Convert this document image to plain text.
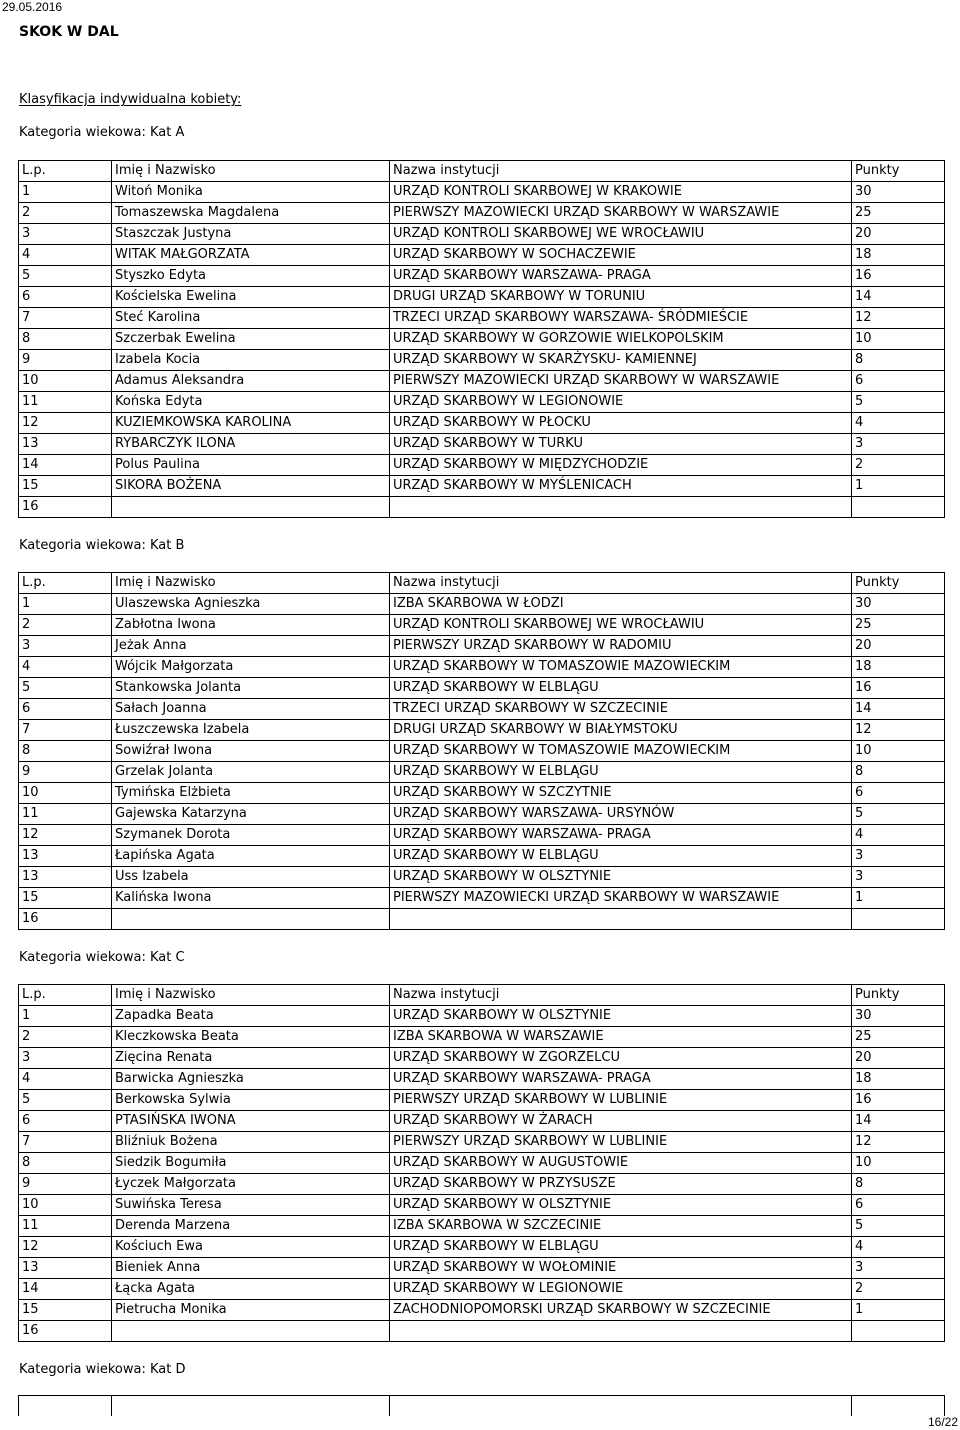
29.05.2016
SKOK W DAL
Klasyfikacja indywidualna kobiety:
Kategoria wiekowa: Kat A
L.p.	Imię i Nazwisko	Nazwa instytucji	Punkty
1	Witoń Monika	URZĄD KONTROLI SKARBOWEJ W KRAKOWIE	30
2	Tomaszewska Magdalena	PIERWSZY MAZOWIECKI URZĄD SKARBOWY W WARSZAWIE	25
3	Staszczak Justyna	URZĄD KONTROLI SKARBOWEJ WE WROCŁAWIU	20
4	WITAK MAŁGORZATA	URZĄD SKARBOWY W SOCHACZEWIE	18
5	Styszko Edyta	URZĄD SKARBOWY WARSZAWA- PRAGA	16
6	Kościelska Ewelina	DRUGI URZĄD SKARBOWY W TORUNIU	14
7	Steć Karolina	TRZECI URZĄD SKARBOWY WARSZAWA- ŚRÓDMIEŚCIE	12
8	Szczerbak Ewelina	URZĄD SKARBOWY W GORZOWIE WIELKOPOLSKIM	10
9	Izabela Kocia	URZĄD SKARBOWY W SKARŻYSKU- KAMIENNEJ	8
10	Adamus Aleksandra	PIERWSZY MAZOWIECKI URZĄD SKARBOWY W WARSZAWIE	6
11	Końska Edyta	URZĄD SKARBOWY W LEGIONOWIE	5
12	KUZIEMKOWSKA KAROLINA	URZĄD SKARBOWY W PŁOCKU	4
13	RYBARCZYK ILONA	URZĄD SKARBOWY W TURKU	3
14	Polus Paulina	URZĄD SKARBOWY W MIĘDZYCHODZIE	2
15	SIKORA BOŻENA	URZĄD SKARBOWY W MYŚLENICACH	1
16			
Kategoria wiekowa: Kat B
L.p.	Imię i Nazwisko	Nazwa instytucji	Punkty
1	Ulaszewska Agnieszka	IZBA SKARBOWA W ŁODZI	30
2	Zabłotna Iwona	URZĄD KONTROLI SKARBOWEJ WE WROCŁAWIU	25
3	Jeżak Anna	PIERWSZY URZĄD SKARBOWY W RADOMIU	20
4	Wójcik Małgorzata	URZĄD SKARBOWY W TOMASZOWIE MAZOWIECKIM	18
5	Stankowska Jolanta	URZĄD SKARBOWY W ELBLĄGU	16
6	Sałach Joanna	TRZECI URZĄD SKARBOWY W SZCZECINIE	14
7	Łuszczewska Izabela	DRUGI URZĄD SKARBOWY W BIAŁYMSTOKU	12
8	Sowiźrał Iwona	URZĄD SKARBOWY W TOMASZOWIE MAZOWIECKIM	10
9	Grzelak Jolanta	URZĄD SKARBOWY W ELBLĄGU	8
10	Tymińska Elżbieta	URZĄD SKARBOWY W SZCZYTNIE	6
11	Gajewska Katarzyna	URZĄD SKARBOWY WARSZAWA- URSYNÓW	5
12	Szymanek Dorota	URZĄD SKARBOWY WARSZAWA- PRAGA	4
13	Łapińska Agata	URZĄD SKARBOWY W ELBLĄGU	3
13	Uss Izabela	URZĄD SKARBOWY W OLSZTYNIE	3
15	Kalińska Iwona	PIERWSZY MAZOWIECKI URZĄD SKARBOWY W WARSZAWIE	1
16			
Kategoria wiekowa: Kat C
L.p.	Imię i Nazwisko	Nazwa instytucji	Punkty
1	Zapadka Beata	URZĄD SKARBOWY W OLSZTYNIE	30
2	Kleczkowska Beata	IZBA SKARBOWA W WARSZAWIE	25
3	Zięcina Renata	URZĄD SKARBOWY W ZGORZELCU	20
4	Barwicka Agnieszka	URZĄD SKARBOWY WARSZAWA- PRAGA	18
5	Berkowska Sylwia	PIERWSZY URZĄD SKARBOWY W LUBLINIE	16
6	PTASIŃSKA IWONA	URZĄD SKARBOWY W ŻARACH	14
7	Bliźniuk Bożena	PIERWSZY URZĄD SKARBOWY W LUBLINIE	12
8	Siedzik Bogumiła	URZĄD SKARBOWY W AUGUSTOWIE	10
9	Łyczek Małgorzata	URZĄD SKARBOWY W PRZYSUSZE	8
10	Suwińska Teresa	URZĄD SKARBOWY W OLSZTYNIE	6
11	Derenda Marzena	IZBA SKARBOWA W SZCZECINIE	5
12	Kościuch Ewa	URZĄD SKARBOWY W ELBLĄGU	4
13	Bieniek Anna	URZĄD SKARBOWY W WOŁOMINIE	3
14	Łącka Agata	URZĄD SKARBOWY W LEGIONOWIE	2
15	Pietrucha Monika	ZACHODNIOPOMORSKI URZĄD SKARBOWY W SZCZECINIE	1
16			
Kategoria wiekowa: Kat D
16/22
